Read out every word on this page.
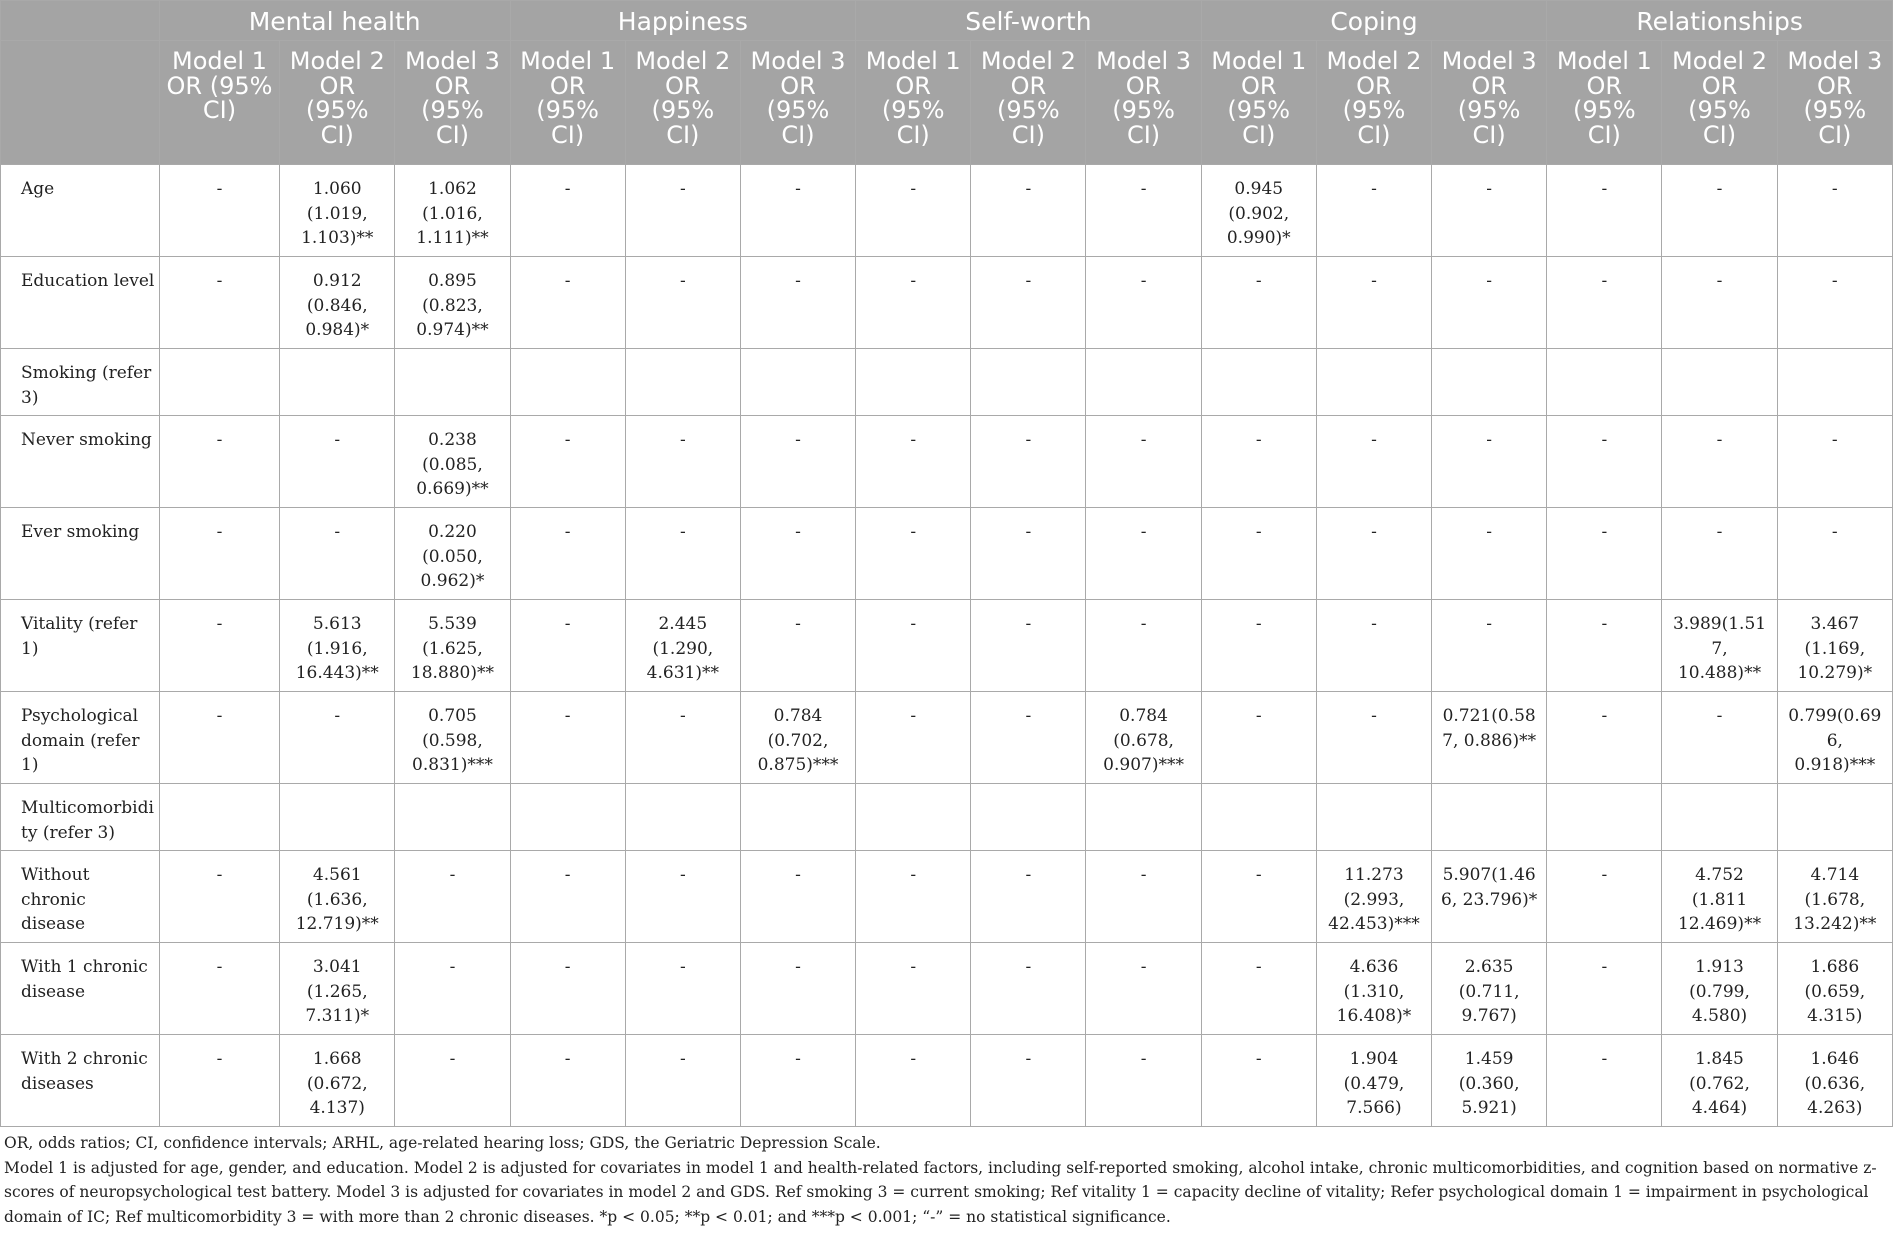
	Mental health			Happiness			Self-worth			Coping			Relationships		
	Model 1 OR (95% CI)	Model 2 OR (95% CI)	Model 3 OR (95% CI)	Model 1 OR (95% CI)	Model 2 OR (95% CI)	Model 3 OR (95% CI)	Model 1 OR (95% CI)	Model 2 OR (95% CI)	Model 3 OR (95% CI)	Model 1 OR (95% CI)	Model 2 OR (95% CI)	Model 3 OR (95% CI)	Model 1 OR (95% CI)	Model 2 OR (95% CI)	Model 3 OR (95% CI)
Age	-	1.060 (1.019, 1.103)**	1.062 (1.016, 1.111)**	-	-	-	-	-	-	0.945 (0.902, 0.990)*	-	-	-	-	-
Education level	-	0.912 (0.846, 0.984)*	0.895 (0.823, 0.974)**	-	-	-	-	-	-	-	-	-	-	-	-
Smoking (refer 3)															
Never smoking	-	-	0.238 (0.085, 0.669)**	-	-	-	-	-	-	-	-	-	-	-	-
Ever smoking	-	-	0.220 (0.050, 0.962)*	-	-	-	-	-	-	-	-	-	-	-	-
Vitality (refer 1)	-	5.613 (1.916, 16.443)**	5.539 (1.625, 18.880)**	-	2.445 (1.290, 4.631)**	-	-	-	-	-	-	-	-	3.989(1.517, 10.488)**	3.467 (1.169, 10.279)*
Psychological domain (refer 1)	-	-	0.705 (0.598, 0.831)***	-	-	0.784 (0.702, 0.875)***	-	-	0.784 (0.678, 0.907)***	-	-	0.721(0.587, 0.886)**	-	-	0.799(0.696, 0.918)***
Multicomorbidity (refer 3)															
Without chronic disease	-	4.561 (1.636, 12.719)**	-	-	-	-	-	-	-	-	11.273 (2.993, 42.453)***	5.907(1.466, 23.796)*	-	4.752 (1.811 12.469)**	4.714 (1.678, 13.242)**
With 1 chronic disease	-	3.041 (1.265, 7.311)*	-	-	-	-	-	-	-	-	4.636 (1.310, 16.408)*	2.635 (0.711, 9.767)	-	1.913 (0.799, 4.580)	1.686 (0.659, 4.315)
With 2 chronic diseases	-	1.668 (0.672, 4.137)	-	-	-	-	-	-	-	-	1.904 (0.479, 7.566)	1.459 (0.360, 5.921)	-	1.845 (0.762, 4.464)	1.646 (0.636, 4.263)

OR, odds ratios; CI, confidence intervals; ARHL, age-related hearing loss; GDS, the Geriatric Depression Scale.

Model 1 is adjusted for age, gender, and education. Model 2 is adjusted for covariates in model 1 and health-related factors, including self-reported smoking, alcohol intake, chronic multicomorbidities, and cognition based on normative z-scores of neuropsychological test battery. Model 3 is adjusted for covariates in model 2 and GDS. Ref smoking 3 = current smoking; Ref vitality 1 = capacity decline of vitality; Refer psychological domain 1 = impairment in psychological domain of IC; Ref multicomorbidity 3 = with more than 2 chronic diseases. *p < 0.05; **p < 0.01; and ***p < 0.001; “-” = no statistical significance.
